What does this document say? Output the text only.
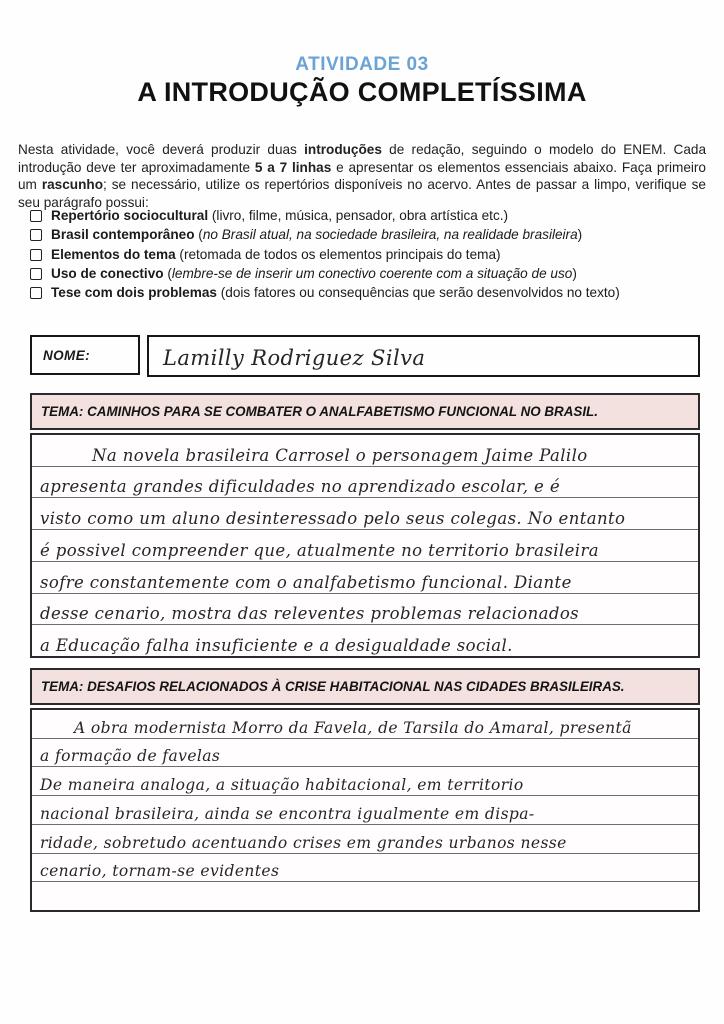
ATIVIDADE 03
A INTRODUÇÃO COMPLETÍSSIMA

Nesta atividade, você deverá produzir duas introduções de redação, seguindo o modelo do ENEM. Cada introdução deve ter aproximadamente 5 a 7 linhas e apresentar os elementos essenciais abaixo. Faça primeiro um rascunho; se necessário, utilize os repertórios disponíveis no acervo. Antes de passar a limpo, verifique se seu parágrafo possui:

Repertório sociocultural (livro, filme, música, pensador, obra artística etc.)
Brasil contemporâneo (no Brasil atual, na sociedade brasileira, na realidade brasileira)
Elementos do tema (retomada de todos os elementos principais do tema)
Uso de conectivo (lembre-se de inserir um conectivo coerente com a situação de uso)
Tese com dois problemas (dois fatores ou consequências que serão desenvolvidos no texto)
NOME:	Lamilly Rodriguez Silva
TEMA: CAMINHOS PARA SE COMBATER O ANALFABETISMO FUNCIONAL NO BRASIL.
Na novela brasileira Carrosel o personagem Jaime Palilo
apresenta grandes dificuldades no aprendizado escolar, e é
visto como um aluno desinteressado pelo seus colegas. No entanto
é possivel compreender que, atualmente no territorio brasileira
sofre constantemente com o analfabetismo funcional. Diante
desse cenario, mostra das releventes problemas relacionados
a Educação falha insuficiente e a desigualdade social.
TEMA: DESAFIOS RELACIONADOS À CRISE HABITACIONAL NAS CIDADES BRASILEIRAS.
A obra modernista Morro da Favela, de Tarsila do Amaral, presentã
a formação de favelas
De maneira analoga, a situação habitacional, em territorio
nacional brasileira, ainda se encontra igualmente em dispa-
ridade, sobretudo acentuando crises em grandes urbanos nesse
cenario, tornam-se evidentes
